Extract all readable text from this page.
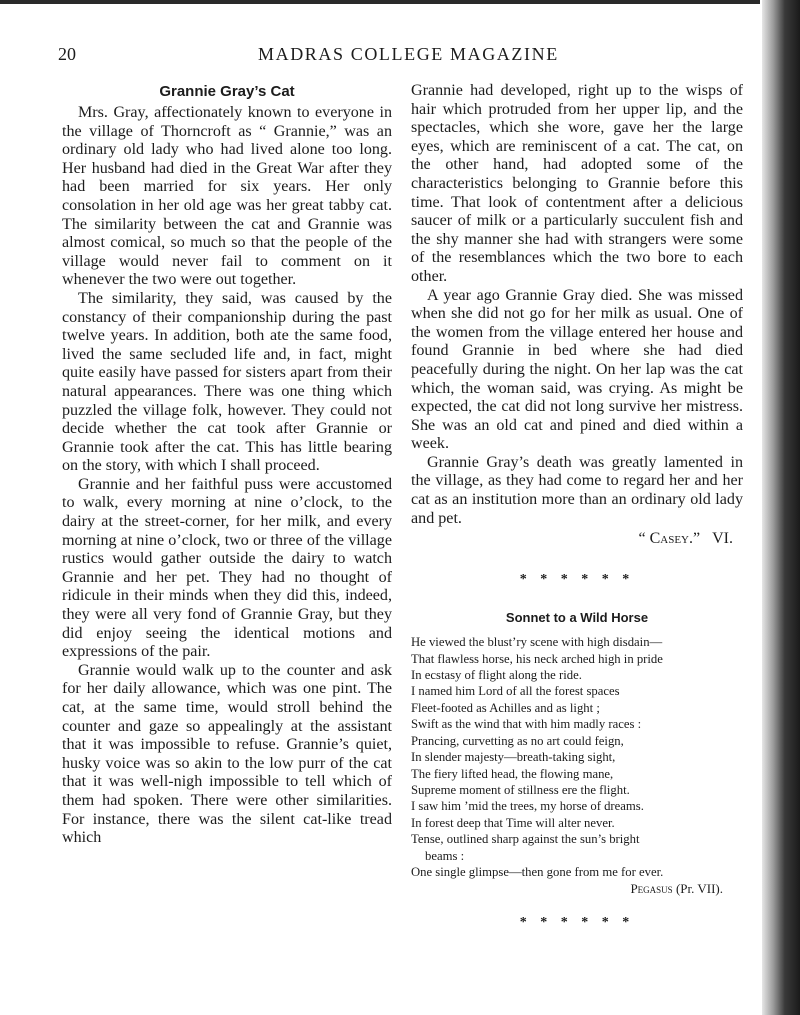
20	MADRAS COLLEGE MAGAZINE
Grannie Gray’s Cat

Mrs. Gray, affectionately known to everyone in the village of Thorncroft as “ Grannie,” was an ordinary old lady who had lived alone too long. Her husband had died in the Great War after they had been married for six years. Her only consolation in her old age was her great tabby cat. The similarity between the cat and Grannie was almost comical, so much so that the people of the village would never fail to comment on it whenever the two were out together.

The similarity, they said, was caused by the constancy of their companionship during the past twelve years. In addition, both ate the same food, lived the same secluded life and, in fact, might quite easily have passed for sisters apart from their natural appearances. There was one thing which puzzled the village folk, however. They could not decide whether the cat took after Grannie or Grannie took after the cat. This has little bearing on the story, with which I shall proceed.

Grannie and her faithful puss were accustomed to walk, every morning at nine o’clock, to the dairy at the street-corner, for her milk, and every morning at nine o’clock, two or three of the village rustics would gather outside the dairy to watch Grannie and her pet. They had no thought of ridicule in their minds when they did this, indeed, they were all very fond of Grannie Gray, but they did enjoy seeing the identical motions and expressions of the pair.

Grannie would walk up to the counter and ask for her daily allowance, which was one pint. The cat, at the same time, would stroll behind the counter and gaze so appealingly at the assistant that it was impossible to refuse. Grannie’s quiet, husky voice was so akin to the low purr of the cat that it was well-nigh impossible to tell which of them had spoken. There were other similarities. For instance, there was the silent cat-like tread which

Grannie had developed, right up to the wisps of hair which protruded from her upper lip, and the spectacles, which she wore, gave her the large eyes, which are reminiscent of a cat. The cat, on the other hand, had adopted some of the characteristics belonging to Grannie before this time. That look of contentment after a delicious saucer of milk or a particularly succulent fish and the shy manner she had with strangers were some of the resemblances which the two bore to each other.

A year ago Grannie Gray died. She was missed when she did not go for her milk as usual. One of the women from the village entered her house and found Grannie in bed where she had died peacefully during the night. On her lap was the cat which, the woman said, was crying. As might be expected, the cat did not long survive her mistress. She was an old cat and pined and died within a week.

Grannie Gray’s death was greatly lamented in the village, as they had come to regard her and her cat as an institution more than an ordinary old lady and pet.

“ Casey.” VI.
* * * * * *
Sonnet to a Wild Horse
He viewed the blust’ry scene with high disdain—
That flawless horse, his neck arched high in pride
In ecstasy of flight along the ride.
I named him Lord of all the forest spaces
Fleet-footed as Achilles and as light ;
Swift as the wind that with him madly races :
Prancing, curvetting as no art could feign,
In slender majesty—breath-taking sight,
The fiery lifted head, the flowing mane,
Supreme moment of stillness ere the flight.
I saw him ’mid the trees, my horse of dreams.
In forest deep that Time will alter never.
Tense, outlined sharp against the sun’s bright
beams :
One single glimpse—then gone from me for ever.
Pegasus (Pr. VII).
* * * * * *
